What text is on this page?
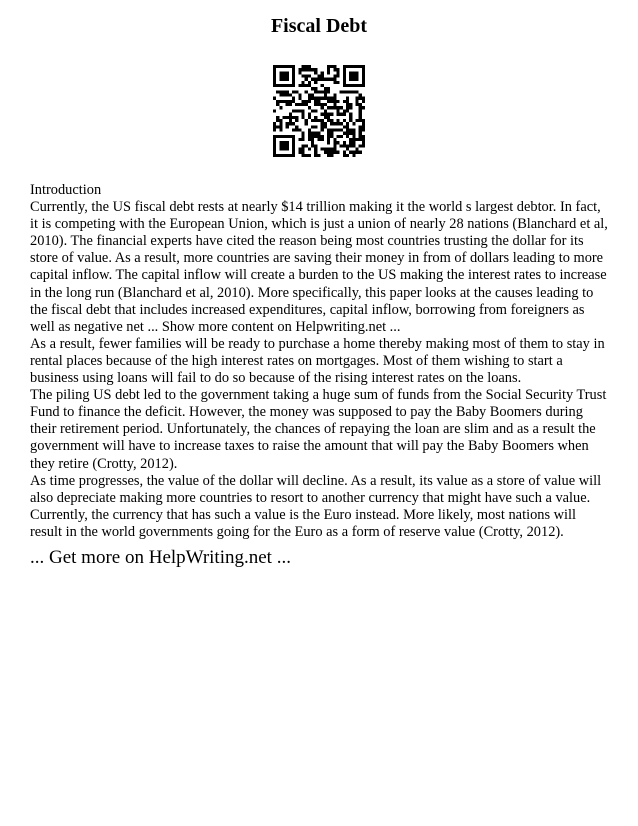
Fiscal Debt

Introduction

Currently, the US fiscal debt rests at nearly $14 trillion making it the world s largest debtor. In fact, it is competing with the European Union, which is just a union of nearly 28 nations (Blanchard et al, 2010). The financial experts have cited the reason being most countries trusting the dollar for its store of value. As a result, more countries are saving their money in from of dollars leading to more capital inflow. The capital inflow will create a burden to the US making the interest rates to increase in the long run (Blanchard et al, 2010). More specifically, this paper looks at the causes leading to the fiscal debt that includes increased expenditures, capital inflow, borrowing from foreigners as well as negative net ... Show more content on Helpwriting.net ...

As a result, fewer families will be ready to purchase a home thereby making most of them to stay in rental places because of the high interest rates on mortgages. Most of them wishing to start a business using loans will fail to do so because of the rising interest rates on the loans.

The piling US debt led to the government taking a huge sum of funds from the Social Security Trust Fund to finance the deficit. However, the money was supposed to pay the Baby Boomers during their retirement period. Unfortunately, the chances of repaying the loan are slim and as a result the government will have to increase taxes to raise the amount that will pay the Baby Boomers when they retire (Crotty, 2012).

As time progresses, the value of the dollar will decline. As a result, its value as a store of value will also depreciate making more countries to resort to another currency that might have such a value. Currently, the currency that has such a value is the Euro instead. More likely, most nations will result in the world governments going for the Euro as a form of reserve value (Crotty, 2012).

... Get more on HelpWriting.net ...
